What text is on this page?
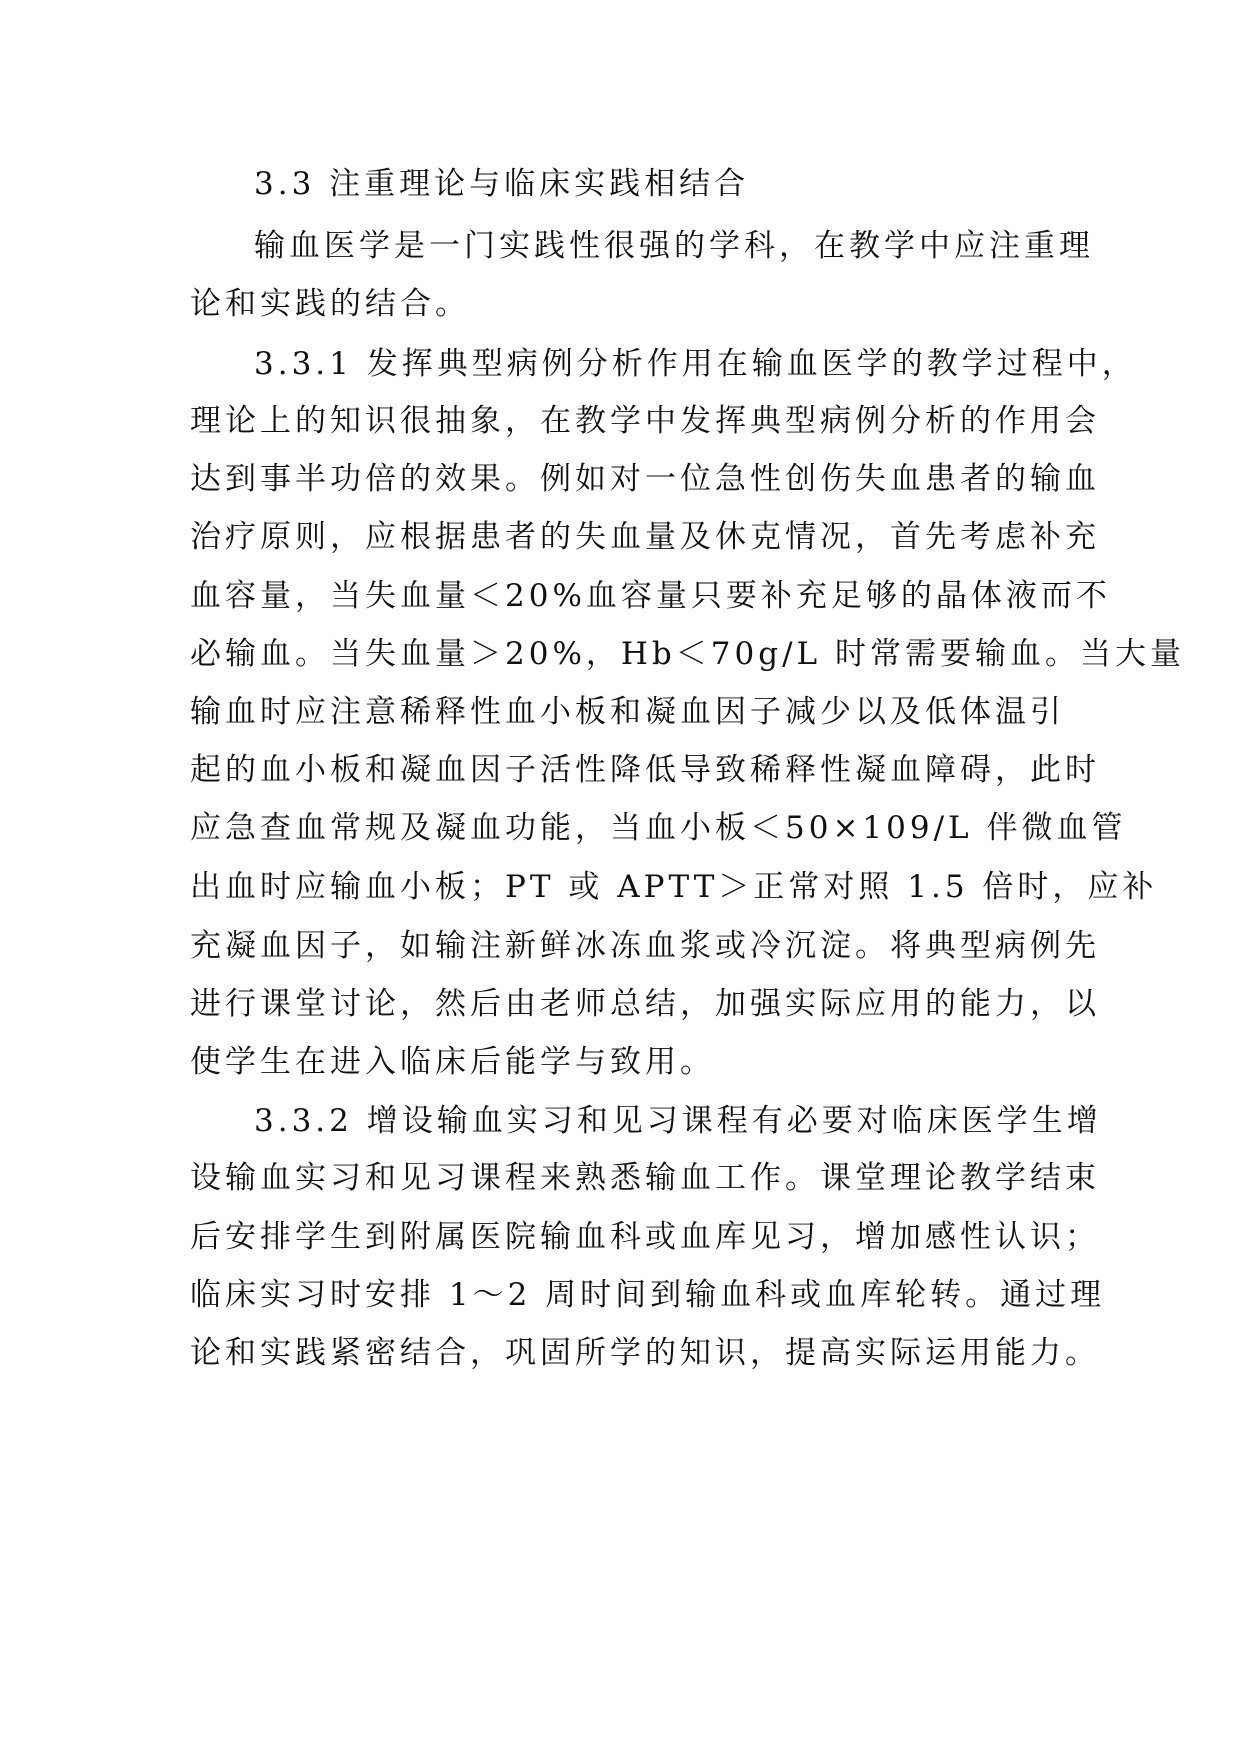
3.3 注重理论与临床实践相结合
输血医学是一门实践性很强的学科，在教学中应注重理
论和实践的结合。
3.3.1 发挥典型病例分析作用在输血医学的教学过程中，
理论上的知识很抽象，在教学中发挥典型病例分析的作用会
达到事半功倍的效果。例如对一位急性创伤失血患者的输血
治疗原则，应根据患者的失血量及休克情况，首先考虑补充
血容量，当失血量＜20%血容量只要补充足够的晶体液而不
必输血。当失血量＞20%，Hb＜70g/L 时常需要输血。当大量
输血时应注意稀释性血小板和凝血因子减少以及低体温引
起的血小板和凝血因子活性降低导致稀释性凝血障碍，此时
应急查血常规及凝血功能，当血小板＜50×109/L 伴微血管
出血时应输血小板；PT 或 APTT＞正常对照 1.5 倍时，应补
充凝血因子，如输注新鲜冰冻血浆或冷沉淀。将典型病例先
进行课堂讨论，然后由老师总结，加强实际应用的能力，以
使学生在进入临床后能学与致用。
3.3.2 增设输血实习和见习课程有必要对临床医学生增
设输血实习和见习课程来熟悉输血工作。课堂理论教学结束
后安排学生到附属医院输血科或血库见习，增加感性认识；
临床实习时安排 1～2 周时间到输血科或血库轮转。通过理
论和实践紧密结合，巩固所学的知识，提高实际运用能力。
